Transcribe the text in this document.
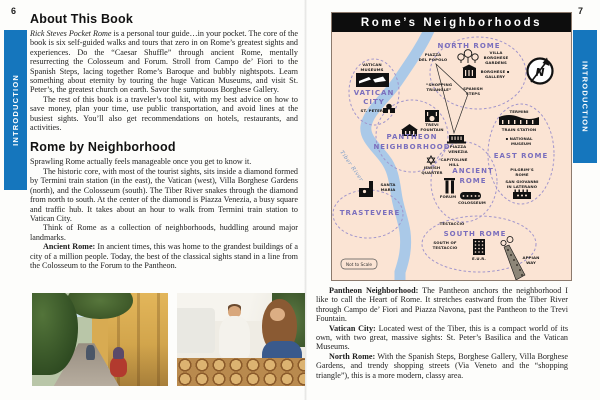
6
INTRODUCTION
About This Book

Rick Steves Pocket Rome is a personal tour guide…in your pocket. The core of the book is six self-guided walks and tours that zero in on Rome’s greatest sights and experiences. Do the “Caesar Shuffle” through ancient Rome, mentally resurrecting the Colosseum and Forum. Stroll from Campo de’ Fiori to the Spanish Steps, lacing together Rome’s Baroque and bubbly nightspots. Learn something about eternity by touring the huge Vatican Museums, and visit St. Peter’s, the greatest church on earth. Savor the sumptuous Borghese Gallery.

The rest of this book is a traveler’s tool kit, with my best advice on how to save money, plan your time, use public transportation, and avoid lines at the busiest sights. You’ll also get recommendations on hotels, restaurants, and activities.

Rome by Neighborhood

Sprawling Rome actually feels manageable once you get to know it.

The historic core, with most of the tourist sights, sits inside a diamond formed by Termini train station (in the east), the Vatican (west), Villa Borghese Gardens (north), and the Colosseum (south). The Tiber River snakes through the diamond from north to south. At the center of the diamond is Piazza Venezia, a busy square and traffic hub. It takes about an hour to walk from Termini train station to Vatican City.

Think of Rome as a collection of neighborhoods, huddling around major landmarks.

Ancient Rome: In ancient times, this was home to the grandest buildings of a city of a million people. Today, the best of the classical sights stand in a line from the Colosseum to the Forum to the Pantheon.

7
INTRODUCTION
Rome’s Neighborhoods
NORTH ROME
VATICAN
CITY
PANTHEON
NEIGHBORHOOD
ANCIENT
ROME
EAST ROME
TRASTEVERE
SOUTH ROME
VATICAN
MUSEUMS
ST. PETER’S
PIAZZA
DEL POPOLO
VILLA
BORGHESE
GARDENS
BORGHESE ▪
GALLERY
“SHOPPING
TRIANGLE”	SPANISH
STEPS
TREVI
FOUNTAIN
PIAZZA
VENEZIA
CAPITOLINE
HILL
JEWISH
QUARTER
FORUM
COLOSSEUM
TERMINI
TRAIN STATION
▪ NATIONAL
MUSEUM
PILGRIM’S
ROME
SAN GIOVANNI
IN LATERANO
SANTA
MARIA
TESTACCIO
SOUTH OF
TESTACCIO
E.U.R.	APPIAN
WAY
Tiber River
N
Not to Scale

Pantheon Neighborhood: The Pantheon anchors the neighborhood I like to call the Heart of Rome. It stretches eastward from the Tiber River through Campo de’ Fiori and Piazza Navona, past the Pantheon to the Trevi Fountain.

Vatican City: Located west of the Tiber, this is a compact world of its own, with two great, massive sights: St. Peter’s Basilica and the Vatican Museums.

North Rome: With the Spanish Steps, Borghese Gallery, Villa Borghese Gardens, and trendy shopping streets (Via Veneto and the “shopping triangle”), this is a more modern, classy area.
